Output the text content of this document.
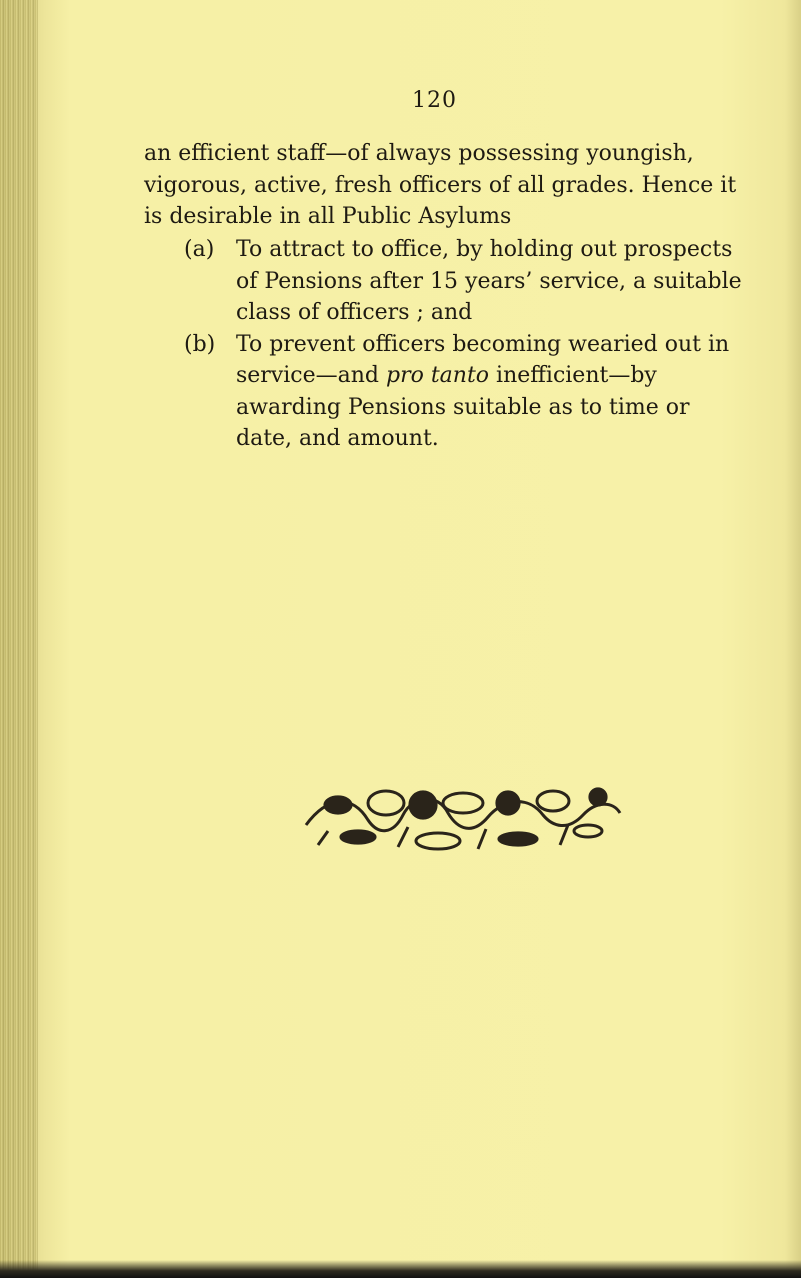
120

an efficient staff—of always possessing youngish, vigorous, active, fresh officers of all grades. Hence it is desirable in all Public Asylums

(a) To attract to office, by holding out prospects of Pensions after 15 years’ service, a suitable class of officers ; and

(b) To prevent officers becoming wearied out in service—and pro tanto inefficient—by awarding Pensions suitable as to time or date, and amount.
